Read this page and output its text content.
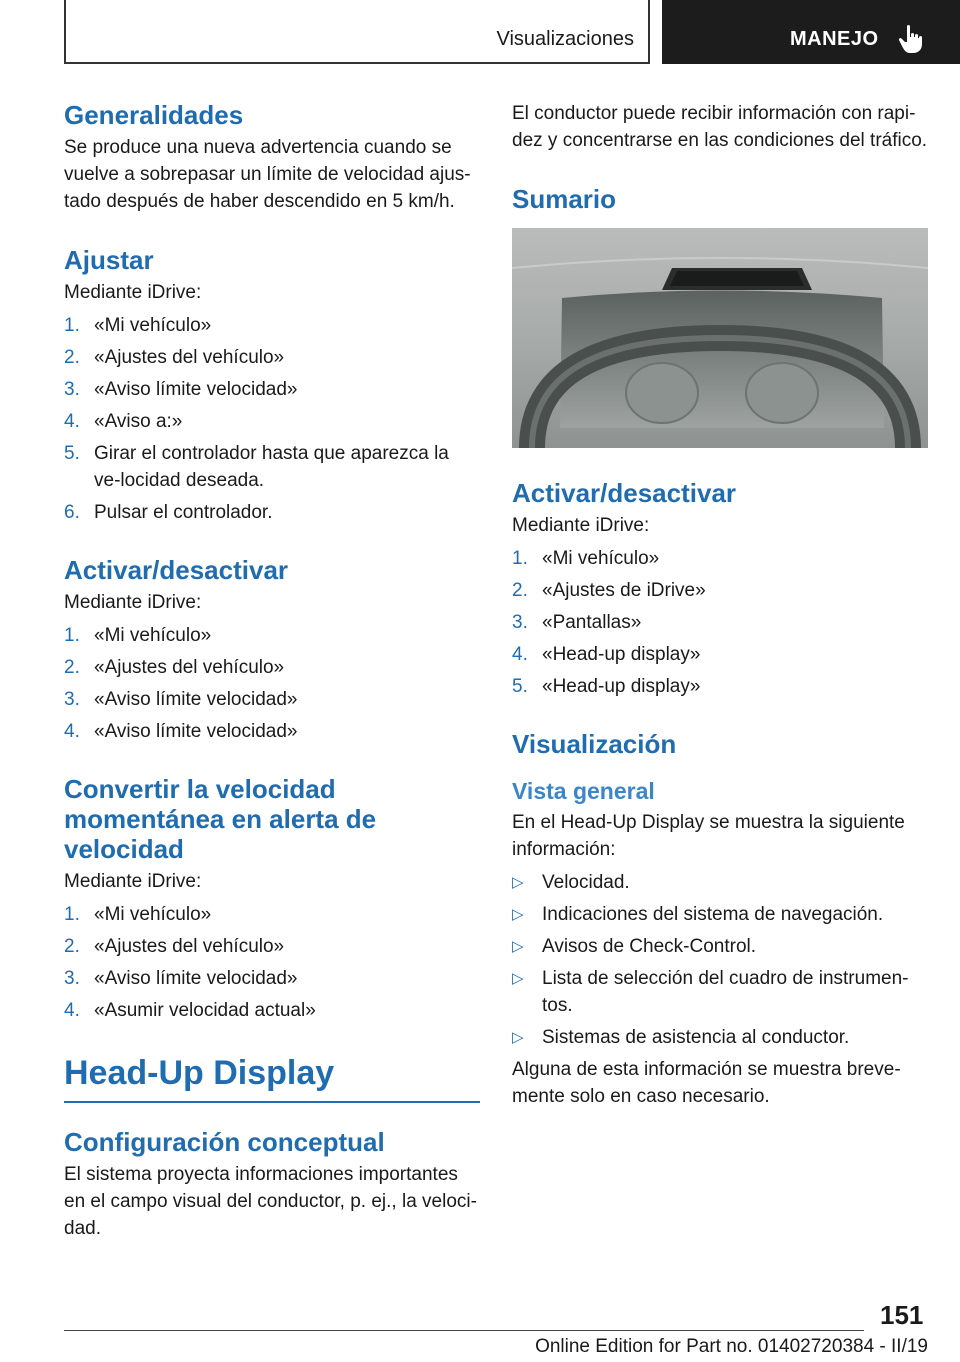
Visualizaciones	MANEJO
Generalidades

Se produce una nueva advertencia cuando se vuelve a sobrepasar un límite de velocidad ajus-tado después de haber descendido en 5 km/h.

Ajustar

Mediante iDrive:

1. «Mi vehículo»
2. «Ajustes del vehículo»
3. «Aviso límite velocidad»
4. «Aviso a:»
5. Girar el controlador hasta que aparezca la ve-locidad deseada.
6. Pulsar el controlador.
Activar/desactivar

Mediante iDrive:

1. «Mi vehículo»
2. «Ajustes del vehículo»
3. «Aviso límite velocidad»
4. «Aviso límite velocidad»
Convertir la velocidad momentánea en alerta de velocidad

Mediante iDrive:

1. «Mi vehículo»
2. «Ajustes del vehículo»
3. «Aviso límite velocidad»
4. «Asumir velocidad actual»
Head-Up Display
Configuración conceptual

El sistema proyecta informaciones importantes en el campo visual del conductor, p. ej., la veloci-dad.

El conductor puede recibir información con rapi-dez y concentrarse en las condiciones del tráfico.

Sumario
Activar/desactivar

Mediante iDrive:

1. «Mi vehículo»
2. «Ajustes de iDrive»
3. «Pantallas»
4. «Head-up display»
5. «Head-up display»
Visualización
Vista general

En el Head-Up Display se muestra la siguiente información:

▷ Velocidad.
▷ Indicaciones del sistema de navegación.
▷ Avisos de Check-Control.
▷ Lista de selección del cuadro de instrumen-tos.
▷ Sistemas de asistencia al conductor.

Alguna de esta información se muestra breve-mente solo en caso necesario.

151
Online Edition for Part no. 01402720384 - II/19
